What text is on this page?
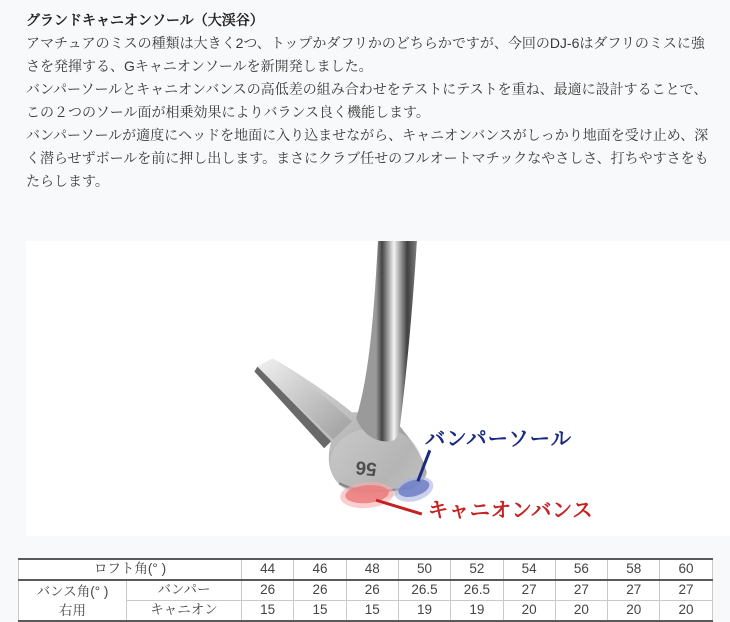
グランドキャニオンソール（大渓谷）

アマチュアのミスの種類は大きく2つ、トップかダフリかのどちらかですが、今回のDJ-6はダフリのミスに強さを発揮する、Gキャニオンソールを新開発しました。

バンパーソールとキャニオンバンスの高低差の組み合わせをテストにテストを重ね、最適に設計することで、この２つのソール面が相乗効果によりバランス良く機能します。

バンパーソールが適度にヘッドを地面に入り込ませながら、キャニオンバンスがしっかり地面を受け止め、深く潜らせずボールを前に押し出します。まさにクラブ任せのフルオートマチックなやさしさ、打ちやすさをもたらします。

56
バンパーソール
キャニオンバンス
ロフト角(° )		44	46	48	50	52	54	56	58	60

バンス角(° )
右用	バンパー	26	26	26	26.5	26.5	27	27	27	27
	キャニオン	15	15	15	19	19	20	20	20	20
